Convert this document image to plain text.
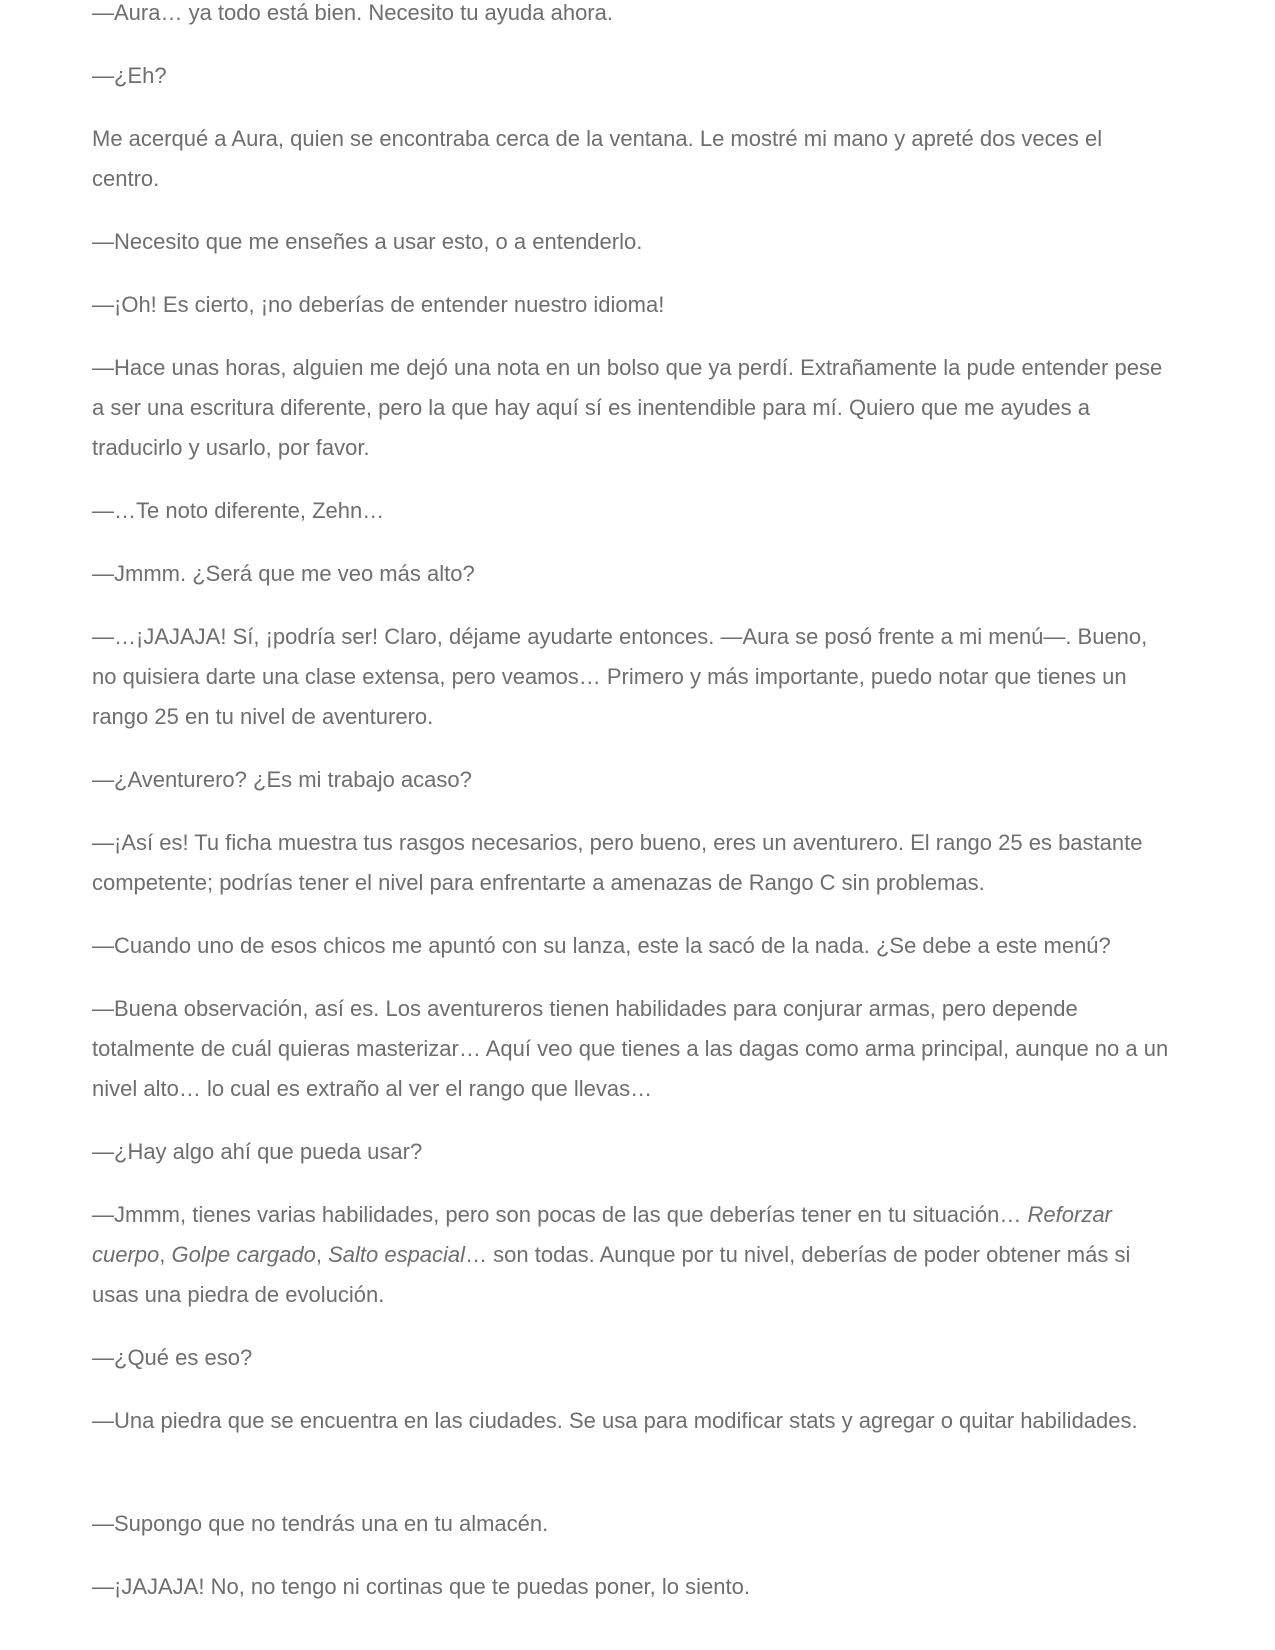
—Aura… ya todo está bien. Necesito tu ayuda ahora.

—¿Eh?

Me acerqué a Aura, quien se encontraba cerca de la ventana. Le mostré mi mano y apreté dos veces el centro.

—Necesito que me enseñes a usar esto, o a entenderlo.

—¡Oh! Es cierto, ¡no deberías de entender nuestro idioma!

—Hace unas horas, alguien me dejó una nota en un bolso que ya perdí. Extrañamente la pude entender pese a ser una escritura diferente, pero la que hay aquí sí es inentendible para mí. Quiero que me ayudes a traducirlo y usarlo, por favor.

—…Te noto diferente, Zehn…

—Jmmm. ¿Será que me veo más alto?

—…¡JAJAJA! Sí, ¡podría ser! Claro, déjame ayudarte entonces. —Aura se posó frente a mi menú—. Bueno, no quisiera darte una clase extensa, pero veamos… Primero y más importante, puedo notar que tienes un rango 25 en tu nivel de aventurero.

—¿Aventurero? ¿Es mi trabajo acaso?

—¡Así es! Tu ficha muestra tus rasgos necesarios, pero bueno, eres un aventurero. El rango 25 es bastante competente; podrías tener el nivel para enfrentarte a amenazas de Rango C sin problemas.

—Cuando uno de esos chicos me apuntó con su lanza, este la sacó de la nada. ¿Se debe a este menú?

—Buena observación, así es. Los aventureros tienen habilidades para conjurar armas, pero depende totalmente de cuál quieras masterizar… Aquí veo que tienes a las dagas como arma principal, aunque no a un nivel alto… lo cual es extraño al ver el rango que llevas…

—¿Hay algo ahí que pueda usar?

—Jmmm, tienes varias habilidades, pero son pocas de las que deberías tener en tu situación… Reforzar cuerpo, Golpe cargado, Salto espacial… son todas. Aunque por tu nivel, deberías de poder obtener más si usas una piedra de evolución.

—¿Qué es eso?

—Una piedra que se encuentra en las ciudades. Se usa para modificar stats y agregar o quitar habilidades.

—Supongo que no tendrás una en tu almacén.

—¡JAJAJA! No, no tengo ni cortinas que te puedas poner, lo siento.
